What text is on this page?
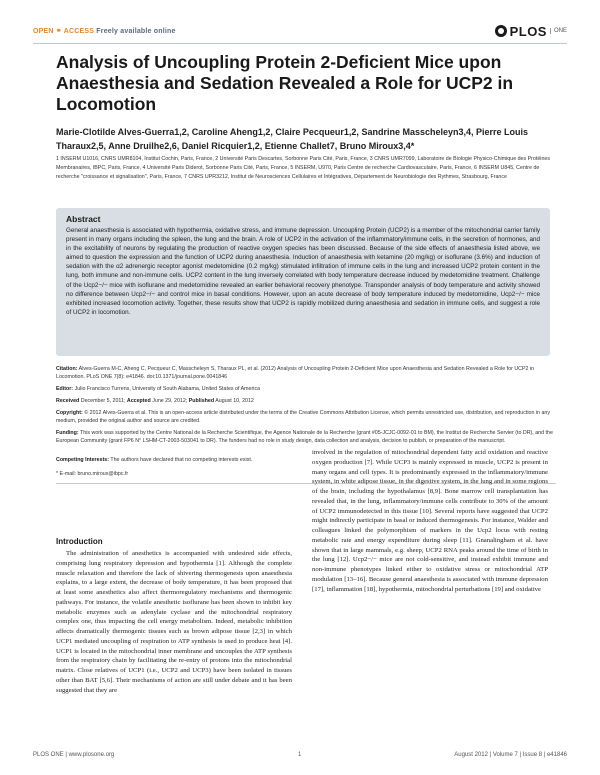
OPEN ⚭ ACCESS Freely available online	PLOS	ONE
Analysis of Uncoupling Protein 2-Deficient Mice upon Anaesthesia and Sedation Revealed a Role for UCP2 in Locomotion
Marie-Clotilde Alves-Guerra1,2, Caroline Aheng1,2, Claire Pecqueur1,2, Sandrine Masscheleyn3,4, Pierre Louis Tharaux2,5, Anne Druilhe2,6, Daniel Ricquier1,2, Etienne Challet7, Bruno Miroux3,4*
1 INSERM U1016, CNRS UMR8104, Institut Cochin, Paris, France, 2 Université Paris Descartes, Sorbonne Paris Cité, Paris, France, 3 CNRS UMR7099, Laboratoire de Biologie Physico-Chimique des Protéines Membranaires, IBPC, Paris, France, 4 Université Paris Diderot, Sorbonne Paris Cité, Paris, France, 5 INSERM, U970, Paris Centre de recherche Cardiovasculaire, Paris, France, 6 INSERM U845, Centre de recherche "croissance et signalisation", Paris, France, 7 CNRS UPR3212, Institut de Neurosciences Cellulaires et Intégratives, Département de Neurobiologie des Rythmes, Strasbourg, France
Abstract

General anaesthesia is associated with hypothermia, oxidative stress, and immune depression. Uncoupling Protein (UCP2) is a member of the mitochondrial carrier family present in many organs including the spleen, the lung and the brain. A role of UCP2 in the activation of the inflammatory/immune cells, in the secretion of hormones, and in the excitability of neurons by regulating the production of reactive oxygen species has been discussed. Because of the side effects of anaesthesia listed above, we aimed to question the expression and the function of UCP2 during anaesthesia. Induction of anaesthesia with ketamine (20 mg/kg) or isoflurane (3.6%) and induction of sedation with the α2 adrenergic receptor agonist medetomidine (0.2 mg/kg) stimulated infiltration of immune cells in the lung and increased UCP2 protein content in the lung, both immune and non-immune cells. UCP2 content in the lung inversely correlated with body temperature decrease induced by medetomidine treatment. Challenge of the Ucp2−/− mice with isoflurane and medetomidine revealed an earlier behavioral recovery phenotype. Transponder analysis of body temperature and activity showed no difference between Ucp2−/− and control mice in basal conditions. However, upon an acute decrease of body temperature induced by medetomidine, Ucp2−/− mice exhibited increased locomotion activity. Together, these results show that UCP2 is rapidly mobilized during anaesthesia and sedation in immune cells, and suggest a role of UCP2 in locomotion.

Citation: Alves-Guerra M-C, Aheng C, Pecqueur C, Masscheleyn S, Tharaux PL, et al. (2012) Analysis of Uncoupling Protein 2-Deficient Mice upon Anaesthesia and Sedation Revealed a Role for UCP2 in Locomotion. PLoS ONE 7(8): e41846. doi:10.1371/journal.pone.0041846
Editor: Julio Francisco Turrens, University of South Alabama, United States of America
Received December 5, 2011; Accepted June 29, 2012; Published August 10, 2012
Copyright: © 2012 Alves-Guerra et al. This is an open-access article distributed under the terms of the Creative Commons Attribution License, which permits unrestricted use, distribution, and reproduction in any medium, provided the original author and source are credited.
Funding: This work was supported by the Centre National de la Recherche Scientifique, the Agence Nationale de la Recherche (grant #05-JCJC-0092-01 to BM), the Institut de Recherche Servier (to DR), and the European Community (grant FP6 N° LSHM-CT-2003-503041 to DR). The funders had no role in study design, data collection and analysis, decision to publish, or preparation of the manuscript.
Competing Interests: The authors have declared that no competing interests exist.
* E-mail: bruno.miroux@ibpc.fr
Introduction
The administration of anesthetics is accompanied with undesired side effects, comprising lung respiratory depression and hypothermia [1]. Although the complete muscle relaxation and therefore the lack of shivering thermogenesis upon anaesthesia explains, to a large extent, the decrease of body temperature, it has been proposed that at least some anesthetics also affect thermoregulatory mechanisms and thermogenic pathways. For instance, the volatile anesthetic isoflurane has been shown to inhibit key metabolic enzymes such as adenylate cyclase and the mitochondrial respiratory complex one, thus impacting the cell energy metabolism. Indeed, metabolic inhibition affects dramatically thermogenic tissues such as brown adipose tissue [2,3] in which UCP1 mediated uncoupling of respiration to ATP synthesis is used to produce heat [4]. UCP1 is located in the mitochondrial inner membrane and uncouples the ATP synthesis from the respiratory chain by facilitating the re-entry of protons into the mitochondrial matrix. Close relatives of UCP1 (i.e., UCP2 and UCP3) have been isolated in tissues other than BAT [5,6]. Their mechanisms of action are still under debate and it has been suggested that they are
involved in the regulation of mitochondrial dependent fatty acid oxidation and reactive oxygen production [7]. While UCP3 is mainly expressed in muscle, UCP2 is present in many organs and cell types. It is predominantly expressed in the inflammatory/immune system, in white adipose tissue, in the digestive system, in the lung and in some regions of the brain, including the hypothalamus [8,9]. Bone marrow cell transplantation has revealed that, in the lung, inflammatory/immune cells contribute to 30% of the amount of UCP2 immunodetected in this tissue [10]. Several reports have suggested that UCP2 might indirectly participate in basal or induced thermogenesis. For instance, Walder and colleagues linked the polymorphism of markers in the Ucp2 locus with resting metabolic rate and energy expenditure during sleep [11]. Gnanalingham et al. have shown that in large mammals, e.g. sheep, UCP2 RNA peaks around the time of birth in the lung [12]. Ucp2−/− mice are not cold-sensitive, and instead exhibit immune and non-immune phenotypes linked either to oxidative stress or mitochondrial ATP modulation [13–16]. Because general anaesthesia is associated with immune depression [17], inflammation [18], hypothermia, mitochondrial perturbations [19] and oxidative
PLOS ONE | www.plosone.org	1	August 2012 | Volume 7 | Issue 8 | e41846
